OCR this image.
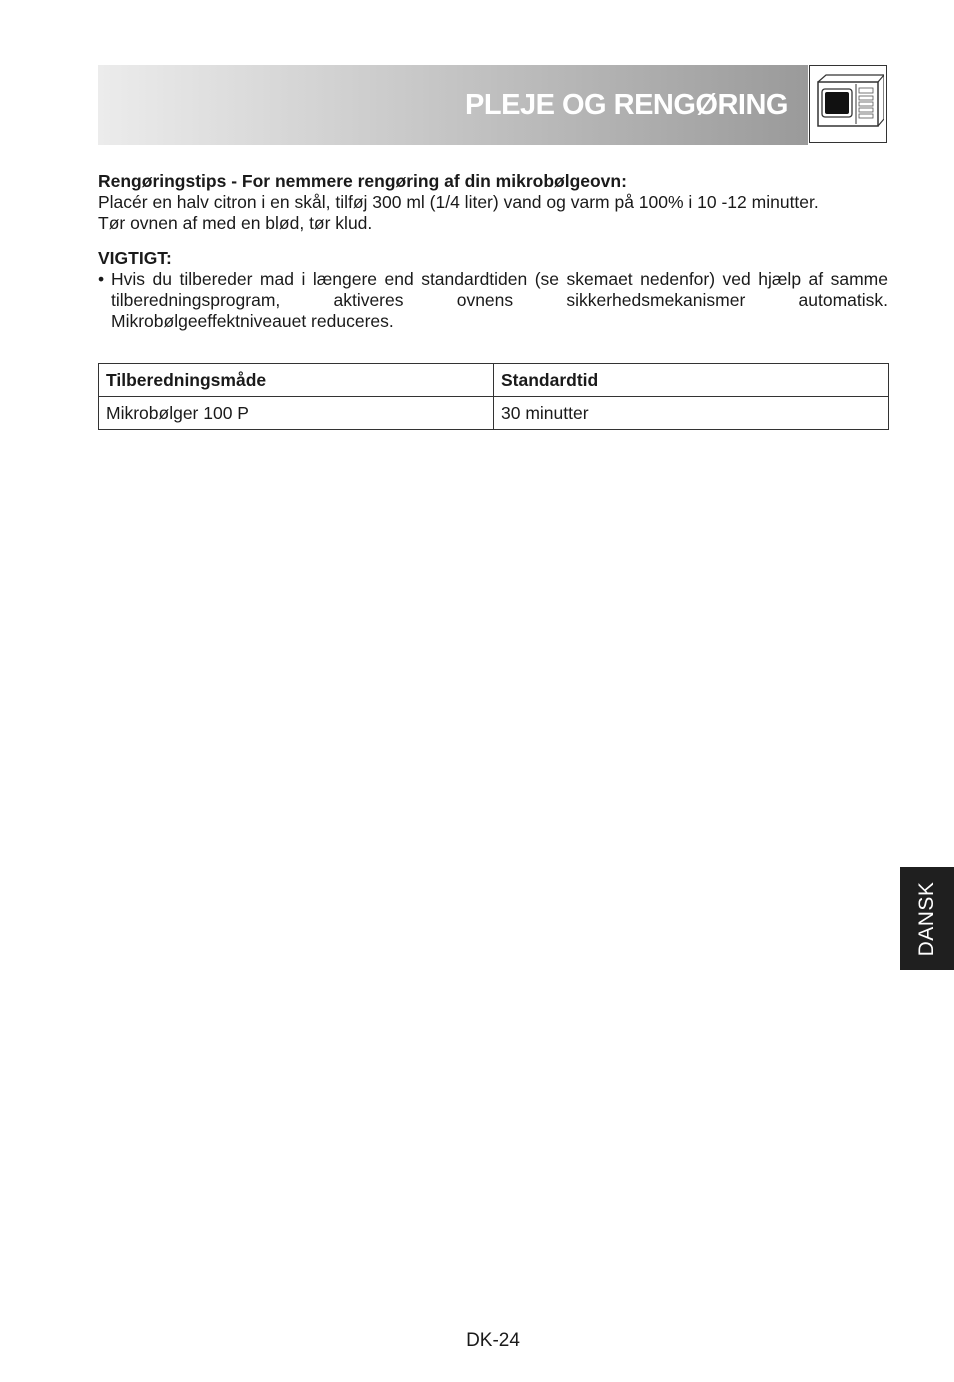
PLEJE OG RENGØRING
Rengøringstips - For nemmere rengøring af din mikrobølgeovn:

Placér en halv citron i en skål, tilføj 300 ml (1/4 liter) vand og varm på 100% i 10 -12 minutter.

Tør ovnen af med en blød, tør klud.

VIGTIGT:
• Hvis du tilbereder mad i længere end standardtiden (se skemaet nedenfor) ved hjælp af samme tilberedningsprogram, aktiveres ovnens sikkerhedsmekanismer automatisk. Mikrobølgeeffektniveauet reduceres.
Tilberedningsmåde	Standardtid
Mikrobølger 100 P	30 minutter
DANSK
DK-24
